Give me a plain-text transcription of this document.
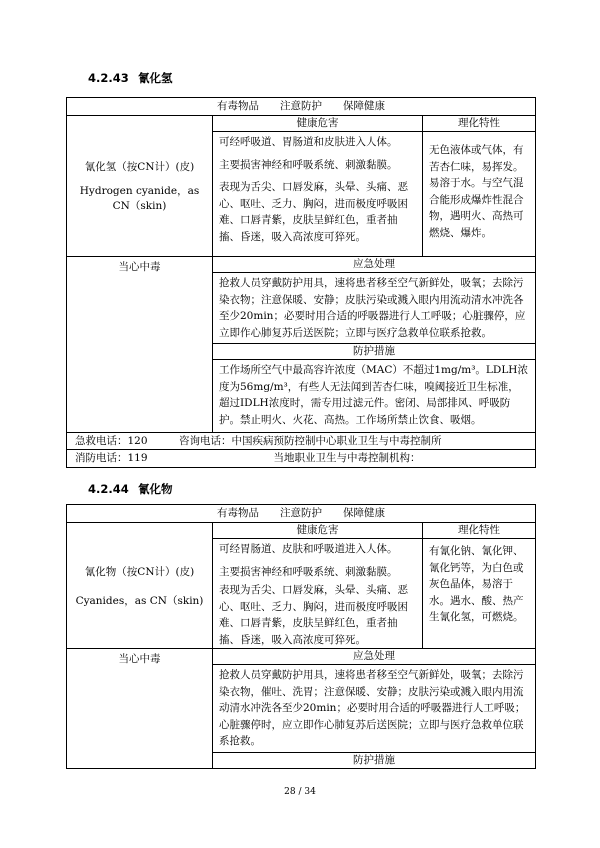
4.2.43 氰化氢
有毒物品　　注意防护　　保障健康
氰化氢（按CN计）(皮)
Hydrogen cyanide，as CN（skin)
健康危害

可经呼吸道、胃肠道和皮肤进入人体。

主要损害神经和呼吸系统、刺激黏膜。

表现为舌尖、口唇发麻，头晕、头痛、恶心、呕吐、乏力、胸闷，进而极度呼吸困难、口唇青紫，皮肤呈鲜红色，重者抽搐、昏迷，吸入高浓度可猝死。

理化特性
无色液体或气体，有苦杏仁味，易挥发。易溶于水。与空气混合能形成爆炸性混合物，遇明火、高热可燃烧、爆炸。
当心中毒	应急处理
抢救人员穿戴防护用具，速将患者移至空气新鲜处，吸氧；去除污染衣物；注意保暖、安静；皮肤污染或溅入眼内用流动清水冲洗各至少20min；必要时用合适的呼吸器进行人工呼吸；心脏骤停，应立即作心肺复苏后送医院；立即与医疗急救单位联系抢救。
防护措施
工作场所空气中最高容许浓度（MAC）不超过1mg/m³。LDLH浓度为56mg/m³，有些人无法闻到苦杏仁味，嗅阈接近卫生标准，超过IDLH浓度时，需专用过滤元件。密闭、局部排风、呼吸防护。禁止明火、火花、高热。工作场所禁止饮食、吸烟。
急救电话：120　　　咨询电话：中国疾病预防控制中心职业卫生与中毒控制所
消防电话：119　　　　　　　　　　　　当地职业卫生与中毒控制机构：
4.2.44 氰化物
有毒物品　　注意防护　　保障健康
氰化物（按CN计）(皮)
Cyanides，as CN（skin)
健康危害

可经胃肠道、皮肤和呼吸道进入人体。

主要损害神经和呼吸系统、刺激黏膜。

表现为舌尖、口唇发麻，头晕、头痛、恶心、呕吐、乏力、胸闷，进而极度呼吸困难、口唇青紫，皮肤呈鲜红色，重者抽搐、昏迷，吸入高浓度可猝死。

理化特性
有氰化钠、氰化钾、氰化钙等，为白色或灰色晶体，易溶于水。遇水、酸、热产生氰化氢，可燃烧。
当心中毒	应急处理
抢救人员穿戴防护用具，速将患者移至空气新鲜处，吸氧；去除污染衣物，催吐、洗胃；注意保暖、安静；皮肤污染或溅入眼内用流动清水冲洗各至少20min；必要时用合适的呼吸器进行人工呼吸；心脏骤停时，应立即作心肺复苏后送医院；立即与医疗急救单位联系抢救。
防护措施
28 / 34
